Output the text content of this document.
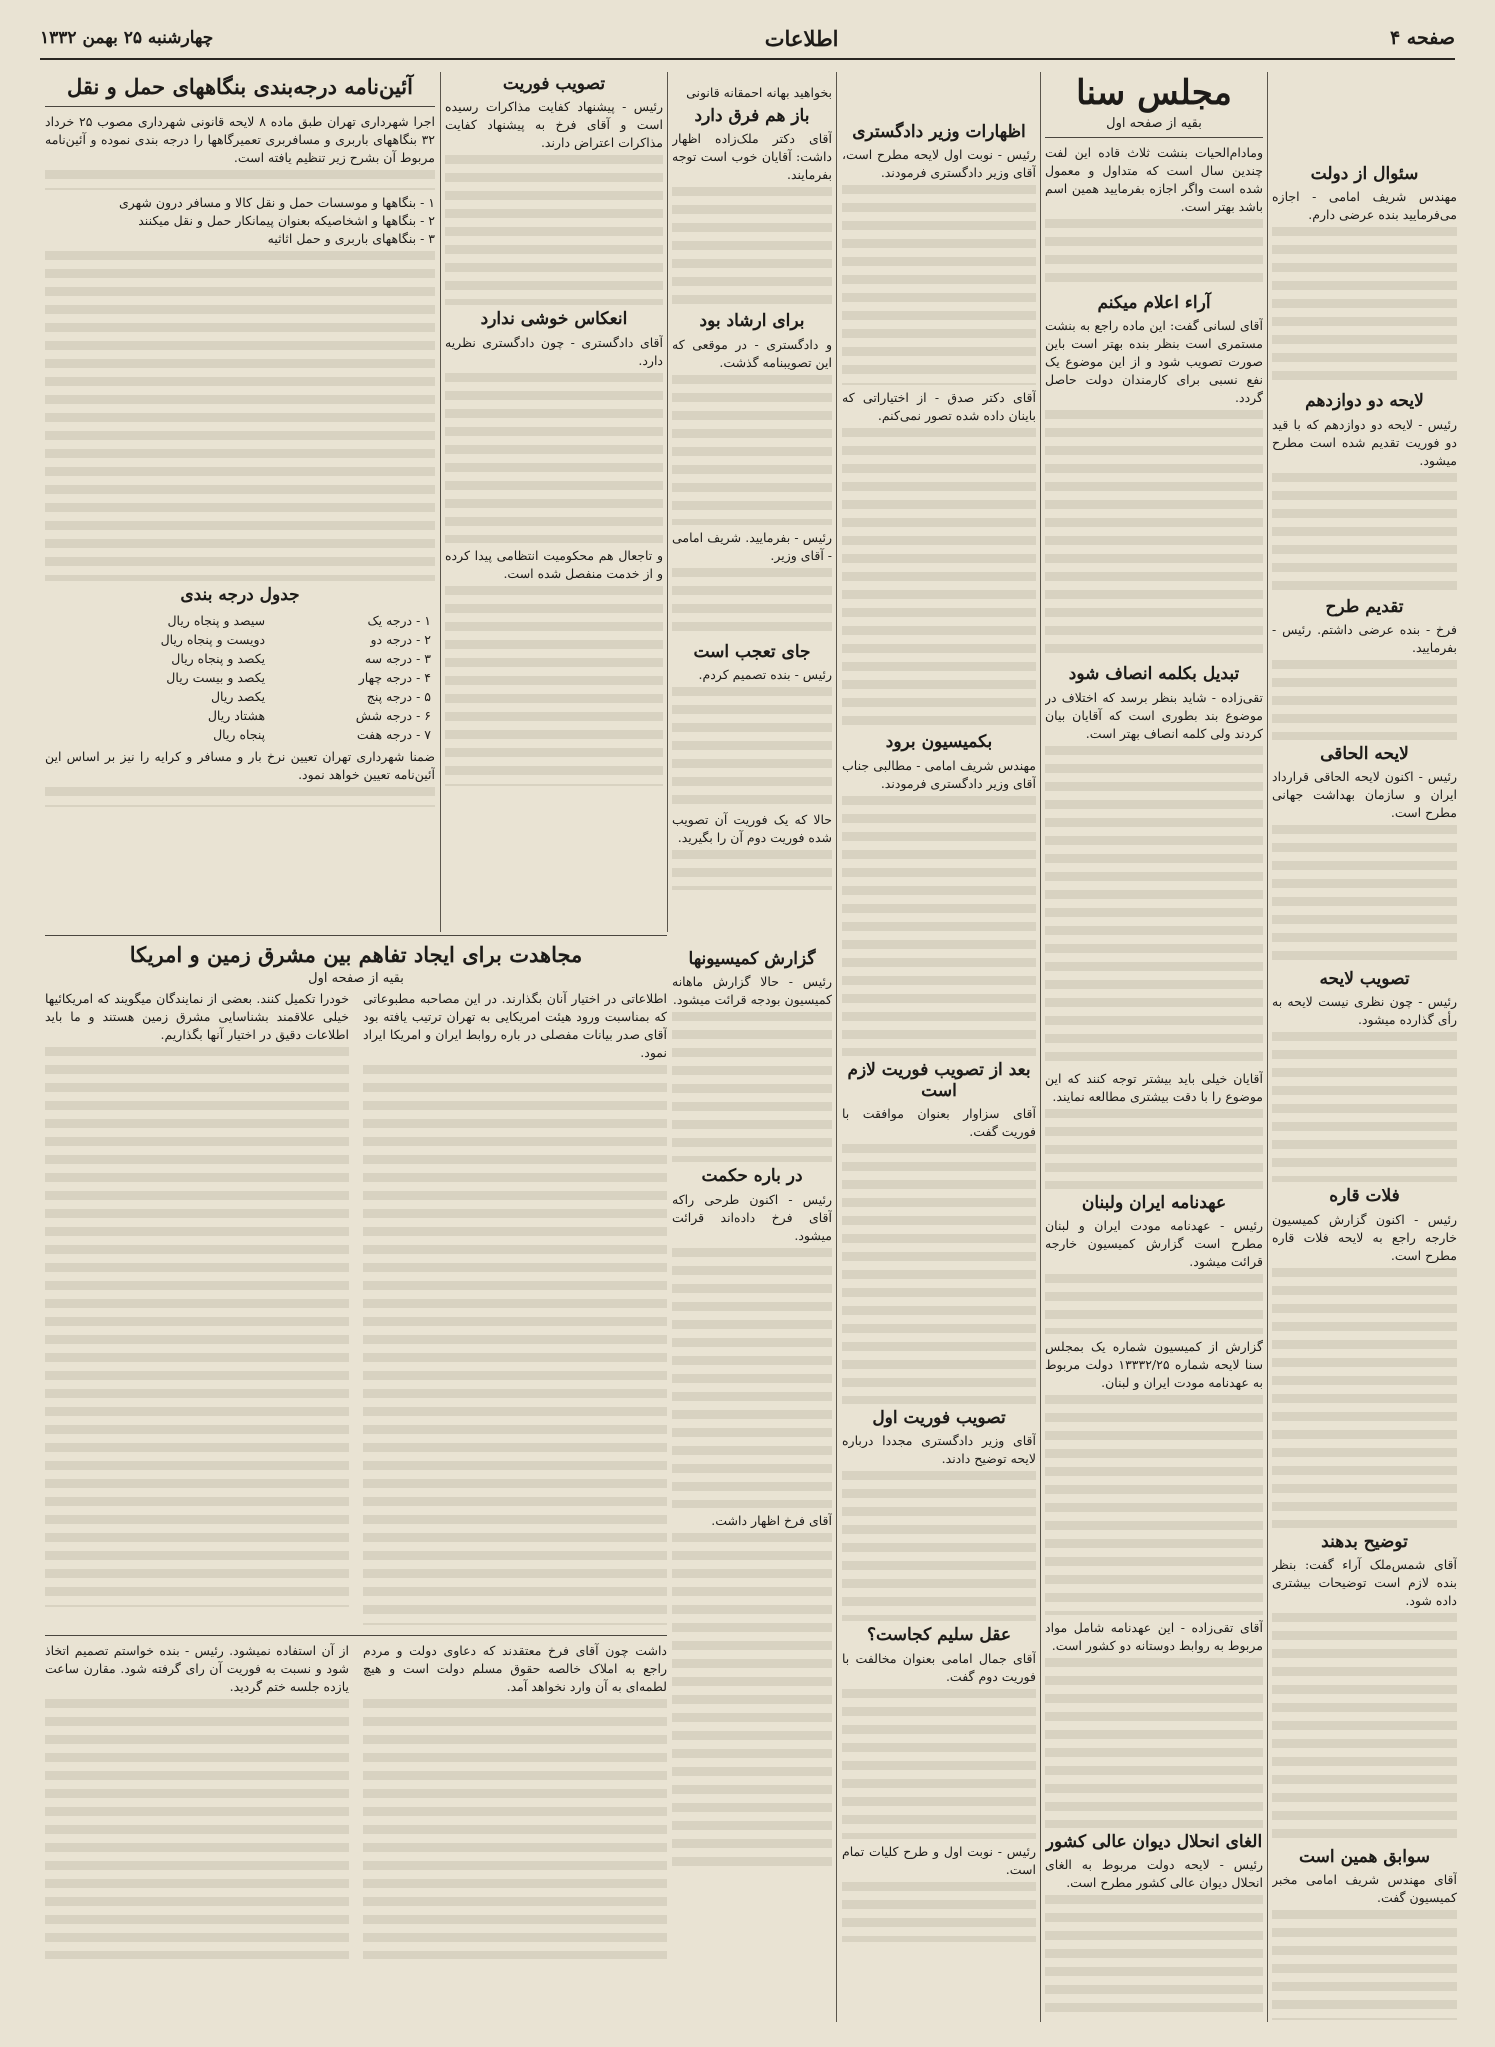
صفحه ۴
اطلاعات
چهارشنبه ۲۵ بهمن ۱۳۳۲
مجلس سنا
بقیه از صفحه اول

ومادام‌الحیات بنشت ثلاث قاده این لفت چندین سال است که متداول و معمول شده است واگر اجازه بفرمایید همین اسم باشد بهتر است.

آراء اعلام میکنم

آقای لسانی گفت: این ماده راجع به بنشت مستمری است بنظر بنده بهتر است باین صورت تصویب شود و از این موضوع یک نفع نسبی برای کارمندان دولت حاصل گردد.

تبدیل بکلمه انصاف شود

تقی‌زاده - شاید بنظر برسد که اختلاف در موضوع بند بطوری است که آقایان بیان کردند ولی کلمه انصاف بهتر است.

آقایان خیلی باید بیشتر توجه کنند که این موضوع را با دقت بیشتری مطالعه نمایند.

عهدنامه ایران ولبنان

رئیس - عهدنامه مودت ایران و لبنان مطرح است گزارش کمیسیون خارجه قرائت میشود.

گزارش از کمیسیون شماره یک بمجلس سنا لایحه شماره ۱۳۳۳۲/۲۵ دولت مربوط به عهدنامه مودت ایران و لبنان.

آقای تقی‌زاده - این عهدنامه شامل مواد مربوط به روابط دوستانه دو کشور است.

الغای انحلال دیوان عالی کشور

رئیس - لایحه دولت مربوط به الغای انحلال دیوان عالی کشور مطرح است.

سئوال از دولت

مهندس شریف امامی - اجازه می‌فرمایید بنده عرضی دارم.

لایحه دو دوازدهم

رئیس - لایحه دو دوازدهم که با قید دو فوریت تقدیم شده است مطرح میشود.

تقدیم طرح

فرخ - بنده عرضی داشتم. رئیس - بفرمایید.

لایحه الحاقی

رئیس - اکنون لایحه الحاقی قرارداد ایران و سازمان بهداشت جهانی مطرح است.

تصویب لایحه

رئیس - چون نظری نیست لایحه به رأی گذارده میشود.

فلات قاره

رئیس - اکنون گزارش کمیسیون خارجه راجع به لایحه فلات قاره مطرح است.

توضیح بدهند

آقای شمس‌ملک آراء گفت: بنظر بنده لازم است توضیحات بیشتری داده شود.

سوابق همین است

آقای مهندس شریف امامی مخبر کمیسیون گفت.

اظهارات وزیر دادگستری

رئیس - نوبت اول لایحه مطرح است، آقای وزیر دادگستری فرمودند.

آقای دکتر صدق - از اختیاراتی که باینان داده شده تصور نمی‌کنم.

بکمیسیون برود

مهندس شریف امامی - مطالبی جناب آقای وزیر دادگستری فرمودند.

بعد از تصویب فوریت لازم است

آقای سزاوار بعنوان موافقت با فوریت گفت.

تصویب فوریت اول

آقای وزیر دادگستری مجددا درباره لایحه توضیح دادند.

عقل سلیم کجاست؟

آقای جمال امامی بعنوان مخالفت با فوریت دوم گفت.

رئیس - نوبت اول و طرح کلیات تمام است.

بخواهید بهانه احمقانه قانونی

باز هم فرق دارد

آقای دکتر ملک‌زاده اظهار داشت: آقایان خوب است توجه بفرمایند.

برای ارشاد بود

و دادگستری - در موقعی که این تصویبنامه گذشت.

رئیس - بفرمایید. شریف امامی - آقای وزیر.

جای تعجب است

رئیس - بنده تصمیم کردم.

حالا که یک فوریت آن تصویب شده فوریت دوم آن را بگیرید.

تصویب فوریت

رئیس - پیشنهاد کفایت مذاکرات رسیده است و آقای فرخ به پیشنهاد کفایت مذاکرات اعتراض دارند.

انعکاس خوشی ندارد

آقای دادگستری - چون دادگستری نظریه دارد.

و تاجعال هم محکومیت انتظامی پیدا کرده و از خدمت منفصل شده است.

آئین‌نامه درجه‌بندی بنگاههای حمل و نقل

اجرا شهرداری تهران طبق ماده ۸ لایحه قانونی شهرداری مصوب ۲۵ خرداد ۳۲ بنگاههای باربری و مسافربری تعمیرگاهها را درجه بندی نموده و آئین‌نامه مربوط آن بشرح زیر تنظیم یافته است.

۱ - بنگاهها و موسسات حمل و نقل کالا و مسافر درون شهری
۲ - بنگاهها و اشخاصیکه بعنوان پیمانکار حمل و نقل میکنند
۳ - بنگاههای باربری و حمل اثاثیه

جدول درجه بندی
۱ - درجه یک	سیصد و پنجاه ریال
۲ - درجه دو	دویست و پنجاه ریال
۳ - درجه سه	یکصد و پنجاه ریال
۴ - درجه چهار	یکصد و بیست ریال
۵ - درجه پنج	یکصد ریال
۶ - درجه شش	هشتاد ریال
۷ - درجه هفت	پنجاه ریال

ضمنا شهرداری تهران تعیین نرخ بار و مسافر و کرایه را نیز بر اساس این آئین‌نامه تعیین خواهد نمود.

مجاهدت برای ایجاد تفاهم بین مشرق زمین و امریکا
بقیه از صفحه اول

اطلاعاتی در اختیار آنان بگذارند. در این مصاحبه مطبوعاتی که بمناسبت ورود هیئت امریکایی به تهران ترتیب یافته بود آقای صدر بیانات مفصلی در باره روابط ایران و امریکا ایراد نمود.

خودرا تکمیل کنند. بعضی از نمایندگان میگویند که امریکائیها خیلی علاقمند بشناسایی مشرق زمین هستند و ما باید اطلاعات دقیق در اختیار آنها بگذاریم.

داشت چون آقای فرخ معتقدند که دعاوی دولت و مردم راجع به املاک خالصه حقوق مسلم دولت است و هیچ لطمه‌ای به آن وارد نخواهد آمد.

از آن استفاده نمیشود. رئیس - بنده خواستم تصمیم اتخاذ شود و نسبت به فوریت آن رای گرفته شود. مقارن ساعت یازده جلسه ختم گردید.

گزارش کمیسیونها

رئیس - حالا گزارش ماهانه کمیسیون بودجه قرائت میشود.

در باره حکمت

رئیس - اکنون طرحی راکه آقای فرخ داده‌اند قرائت میشود.

آقای فرخ اظهار داشت.
